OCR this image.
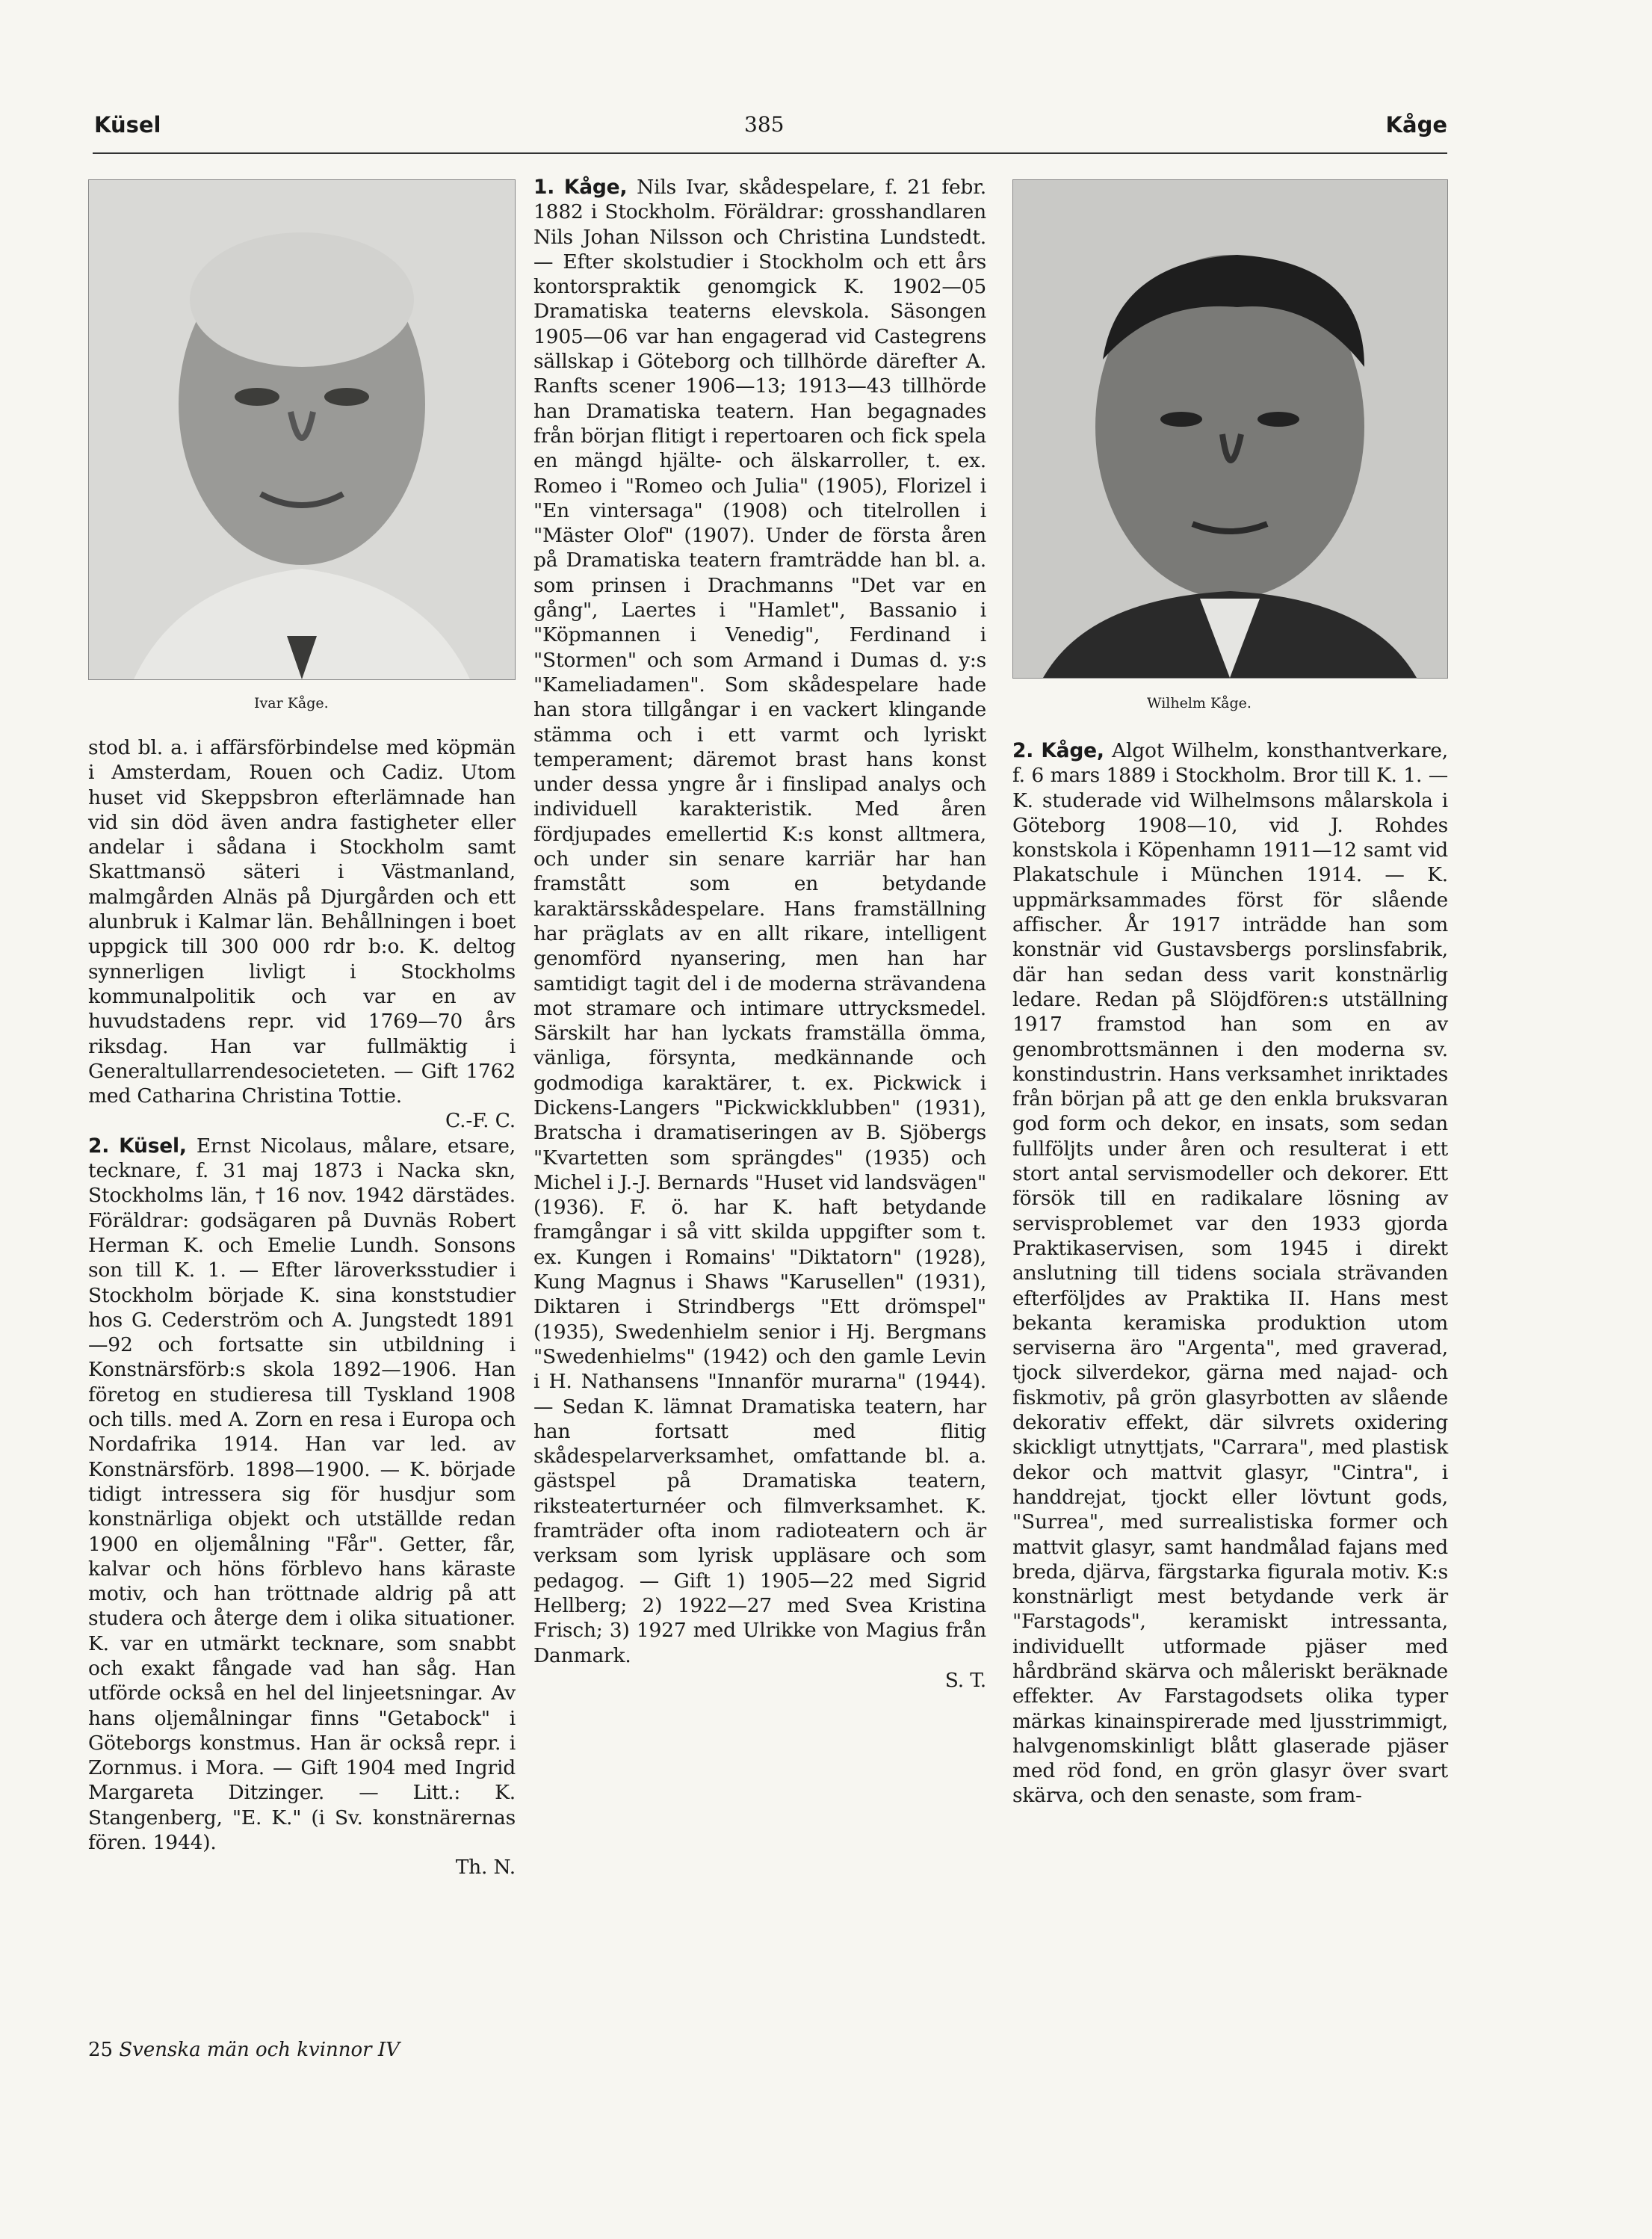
Küsel	385	Kåge
Ivar Kåge.	Wilhelm Kåge.

stod bl. a. i affärsförbindelse med köpmän i Amsterdam, Rouen och Cadiz. Utom huset vid Skeppsbron efterlämnade han vid sin död även andra fastigheter eller andelar i sådana i Stockholm samt Skattmansö säteri i Västmanland, malmgården Alnäs på Djurgården och ett alunbruk i Kalmar län. Behållningen i boet uppgick till 300 000 rdr b:o. K. deltog synnerligen livligt i Stockholms kommunalpolitik och var en av huvudstadens repr. vid 1769—70 års riksdag. Han var fullmäktig i Generaltullarrendesocieteten. — Gift 1762 med Catharina Christina Tottie.

C.-F. C.

2. Küsel, Ernst Nicolaus, målare, etsare, tecknare, f. 31 maj 1873 i Nacka skn, Stockholms län, † 16 nov. 1942 därstädes. Föräldrar: godsägaren på Duvnäs Robert Herman K. och Emelie Lundh. Sonsons son till K. 1. — Efter läroverksstudier i Stockholm började K. sina konststudier hos G. Cederström och A. Jungstedt 1891—92 och fortsatte sin utbildning i Konstnärsförb:s skola 1892—1906. Han företog en studieresa till Tyskland 1908 och tills. med A. Zorn en resa i Europa och Nordafrika 1914. Han var led. av Konstnärsförb. 1898—1900. — K. började tidigt intressera sig för husdjur som konstnärliga objekt och utställde redan 1900 en oljemålning "Får". Getter, får, kalvar och höns förblevo hans käraste motiv, och han tröttnade aldrig på att studera och återge dem i olika situationer. K. var en utmärkt tecknare, som snabbt och exakt fångade vad han såg. Han utförde också en hel del linjeetsningar. Av hans oljemålningar finns "Getabock" i Göteborgs konstmus. Han är också repr. i Zornmus. i Mora. — Gift 1904 med Ingrid Margareta Ditzinger. — Litt.: K. Stangenberg, "E. K." (i Sv. konstnärernas fören. 1944).

Th. N.

1. Kåge, Nils Ivar, skådespelare, f. 21 febr. 1882 i Stockholm. Föräldrar: grosshandlaren Nils Johan Nilsson och Christina Lundstedt. — Efter skolstudier i Stockholm och ett års kontorspraktik genomgick K. 1902—05 Dramatiska teaterns elevskola. Säsongen 1905—06 var han engagerad vid Castegrens sällskap i Göteborg och tillhörde därefter A. Ranfts scener 1906—13; 1913—43 tillhörde han Dramatiska teatern. Han begagnades från början flitigt i repertoaren och fick spela en mängd hjälte- och älskarroller, t. ex. Romeo i "Romeo och Julia" (1905), Florizel i "En vintersaga" (1908) och titelrollen i "Mäster Olof" (1907). Under de första åren på Dramatiska teatern framträdde han bl. a. som prinsen i Drachmanns "Det var en gång", Laertes i "Hamlet", Bassanio i "Köpmannen i Venedig", Ferdinand i "Stormen" och som Armand i Dumas d. y:s "Kameliadamen". Som skådespelare hade han stora tillgångar i en vackert klingande stämma och i ett varmt och lyriskt temperament; däremot brast hans konst under dessa yngre år i finslipad analys och individuell karakteristik. Med åren fördjupades emellertid K:s konst alltmera, och under sin senare karriär har han framstått som en betydande karaktärsskådespelare. Hans framställning har präglats av en allt rikare, intelligent genomförd nyansering, men han har samtidigt tagit del i de moderna strävandena mot stramare och intimare uttrycksmedel. Särskilt har han lyckats framställa ömma, vänliga, försynta, medkännande och godmodiga karaktärer, t. ex. Pickwick i Dickens-Langers "Pickwickklubben" (1931), Bratscha i dramatiseringen av B. Sjöbergs "Kvartetten som sprängdes" (1935) och Michel i J.-J. Bernards "Huset vid landsvägen" (1936). F. ö. har K. haft betydande framgångar i så vitt skilda uppgifter som t. ex. Kungen i Romains' "Diktatorn" (1928), Kung Magnus i Shaws "Karusellen" (1931), Diktaren i Strindbergs "Ett drömspel" (1935), Swedenhielm senior i Hj. Bergmans "Swedenhielms" (1942) och den gamle Levin i H. Nathansens "Innanför murarna" (1944). — Sedan K. lämnat Dramatiska teatern, har han fortsatt med flitig skådespelarverksamhet, omfattande bl. a. gästspel på Dramatiska teatern, riksteaterturnéer och filmverksamhet. K. framträder ofta inom radioteatern och är verksam som lyrisk uppläsare och som pedagog. — Gift 1) 1905—22 med Sigrid Hellberg; 2) 1922—27 med Svea Kristina Frisch; 3) 1927 med Ulrikke von Magius från Danmark.

S. T.

2. Kåge, Algot Wilhelm, konsthantverkare, f. 6 mars 1889 i Stockholm. Bror till K. 1. — K. studerade vid Wilhelmsons målarskola i Göteborg 1908—10, vid J. Rohdes konstskola i Köpenhamn 1911—12 samt vid Plakatschule i München 1914. — K. uppmärksammades först för slående affischer. År 1917 inträdde han som konstnär vid Gustavsbergs porslinsfabrik, där han sedan dess varit konstnärlig ledare. Redan på Slöjdfören:s utställning 1917 framstod han som en av genombrottsmännen i den moderna sv. konstindustrin. Hans verksamhet inriktades från början på att ge den enkla bruksvaran god form och dekor, en insats, som sedan fullföljts under åren och resulterat i ett stort antal servismodeller och dekorer. Ett försök till en radikalare lösning av servisproblemet var den 1933 gjorda Praktikaservisen, som 1945 i direkt anslutning till tidens sociala strävanden efterföljdes av Praktika II. Hans mest bekanta keramiska produktion utom serviserna äro "Argenta", med graverad, tjock silverdekor, gärna med najad- och fiskmotiv, på grön glasyrbotten av slående dekorativ effekt, där silvrets oxidering skickligt utnyttjats, "Carrara", med plastisk dekor och mattvit glasyr, "Cintra", i handdrejat, tjockt eller lövtunt gods, "Surrea", med surrealistiska former och mattvit glasyr, samt handmålad fajans med breda, djärva, färgstarka figurala motiv. K:s konstnärligt mest betydande verk är "Farstagods", keramiskt intressanta, individuellt utformade pjäser med hårdbränd skärva och måleriskt beräknade effekter. Av Farstagodsets olika typer märkas kinainspirerade med ljusstrimmigt, halvgenomskinligt blått glaserade pjäser med röd fond, en grön glasyr över svart skärva, och den senaste, som fram-

25 Svenska män och kvinnor IV
